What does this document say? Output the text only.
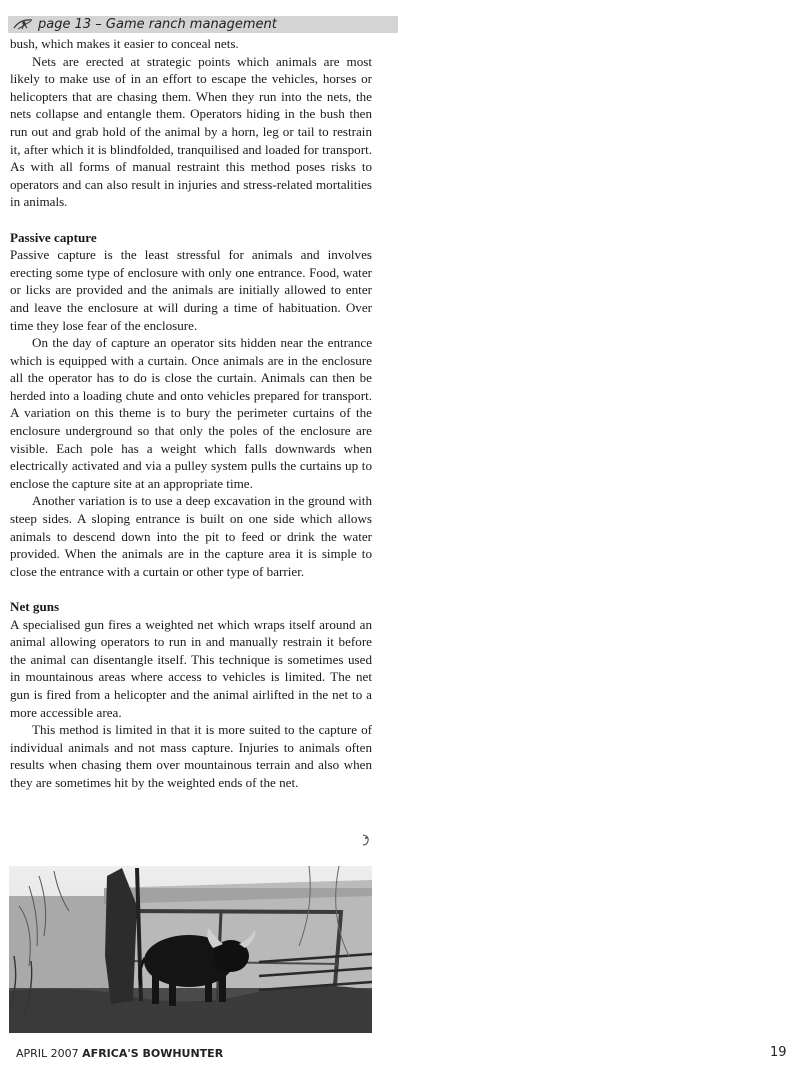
page 13 – Game ranch management

bush, which makes it easier to conceal nets.

Nets are erected at strategic points which animals are most likely to make use of in an effort to escape the vehicles, horses or helicopters that are chasing them. When they run into the nets, the nets collapse and entangle them. Operators hiding in the bush then run out and grab hold of the animal by a horn, leg or tail to restrain it, after which it is blindfolded, tranquilised and loaded for transport. As with all forms of manual restraint this method poses risks to operators and can also result in injuries and stress-related mortalities in animals.

Passive capture

Passive capture is the least stressful for animals and involves erecting some type of enclosure with only one entrance. Food, water or licks are provided and the animals are initially allowed to enter and leave the enclosure at will during a time of habituation. Over time they lose fear of the enclosure.

On the day of capture an operator sits hidden near the entrance which is equipped with a curtain. Once animals are in the enclosure all the operator has to do is close the curtain. Animals can then be herded into a loading chute and onto vehicles prepared for transport. A variation on this theme is to bury the perimeter curtains of the enclosure underground so that only the poles of the enclosure are visible. Each pole has a weight which falls downwards when electrically activated and via a pulley system pulls the curtains up to enclose the capture site at an appropriate time.

Another variation is to use a deep excavation in the ground with steep sides. A sloping entrance is built on one side which allows animals to descend down into the pit to feed or drink the water provided. When the animals are in the capture area it is simple to close the entrance with a curtain or other type of barrier.

Net guns

A specialised gun fires a weighted net which wraps itself around an animal allowing operators to run in and manually restrain it before the animal can disentangle itself. This technique is sometimes used in mountainous areas where access to vehicles is limited. The net gun is fired from a helicopter and the animal airlifted in the net to a more accessible area.

This method is limited in that it is more suited to the capture of individual animals and not mass capture. Injuries to animals often results when chasing them over mountainous terrain and also when they are sometimes hit by the weighted ends of the net.

APRIL 2007 AFRICA'S BOWHUNTER	19
